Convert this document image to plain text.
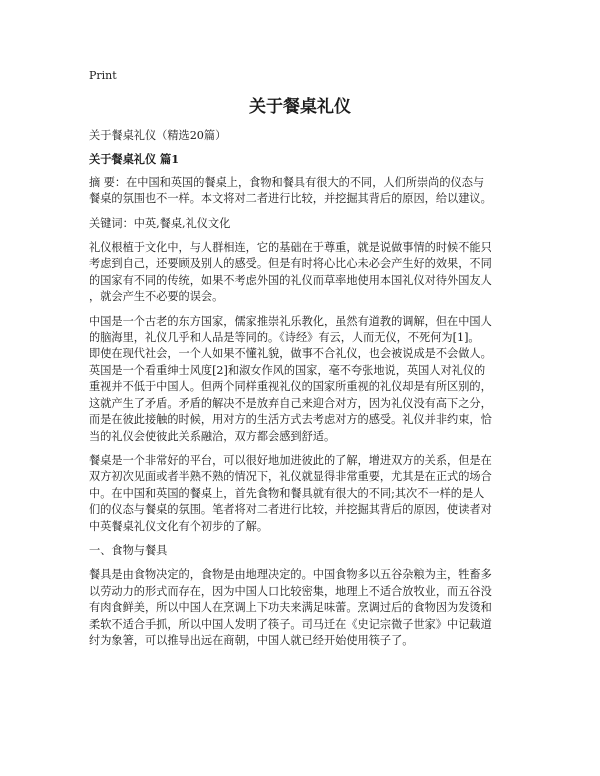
Print
关于餐桌礼仪

关于餐桌礼仪（精选20篇）

关于餐桌礼仪 篇1

摘 要：在中国和英国的餐桌上，食物和餐具有很大的不同，人们所崇尚的仪态与
餐桌的氛围也不一样。本文将对二者进行比较，并挖掘其背后的原因，给以建议。

关键词：中英,餐桌,礼仪文化

礼仪根植于文化中，与人群相连，它的基础在于尊重，就是说做事情的时候不能只
考虑到自己，还要顾及别人的感受。但是有时将心比心未必会产生好的效果，不同
的国家有不同的传统，如果不考虑外国的礼仪而草率地使用本国礼仪对待外国友人
，就会产生不必要的误会。

中国是一个古老的东方国家，儒家推崇礼乐教化，虽然有道教的调解，但在中国人
的脑海里，礼仪几乎和人品是等同的。《诗经》有云，人而无仪，不死何为[1]。
即使在现代社会，一个人如果不懂礼貌，做事不合礼仪，也会被说成是不会做人。
英国是一个看重绅士风度[2]和淑女作风的国家，毫不夸张地说，英国人对礼仪的
重视并不低于中国人。但两个同样重视礼仪的国家所重视的礼仪却是有所区别的，
这就产生了矛盾。矛盾的解决不是放弃自己来迎合对方，因为礼仪没有高下之分，
而是在彼此接触的时候，用对方的生活方式去考虑对方的感受。礼仪并非约束，恰
当的礼仪会使彼此关系融洽，双方都会感到舒适。

餐桌是一个非常好的平台，可以很好地加进彼此的了解，增进双方的关系，但是在
双方初次见面或者半熟不熟的情况下，礼仪就显得非常重要，尤其是在正式的场合
中。在中国和英国的餐桌上，首先食物和餐具就有很大的不同;其次不一样的是人
们的仪态与餐桌的氛围。笔者将对二者进行比较，并挖掘其背后的原因，使读者对
中英餐桌礼仪文化有个初步的了解。

一、食物与餐具

餐具是由食物决定的，食物是由地理决定的。中国食物多以五谷杂粮为主，牲畜多
以劳动力的形式而存在，因为中国人口比较密集，地理上不适合放牧业，而五谷没
有肉食鲜美，所以中国人在烹调上下功夫来满足味蕾。烹调过后的食物因为发烫和
柔软不适合手抓，所以中国人发明了筷子。司马迁在《史记宗微子世家》中记载道
纣为象箸，可以推导出远在商朝，中国人就已经开始使用筷子了。
